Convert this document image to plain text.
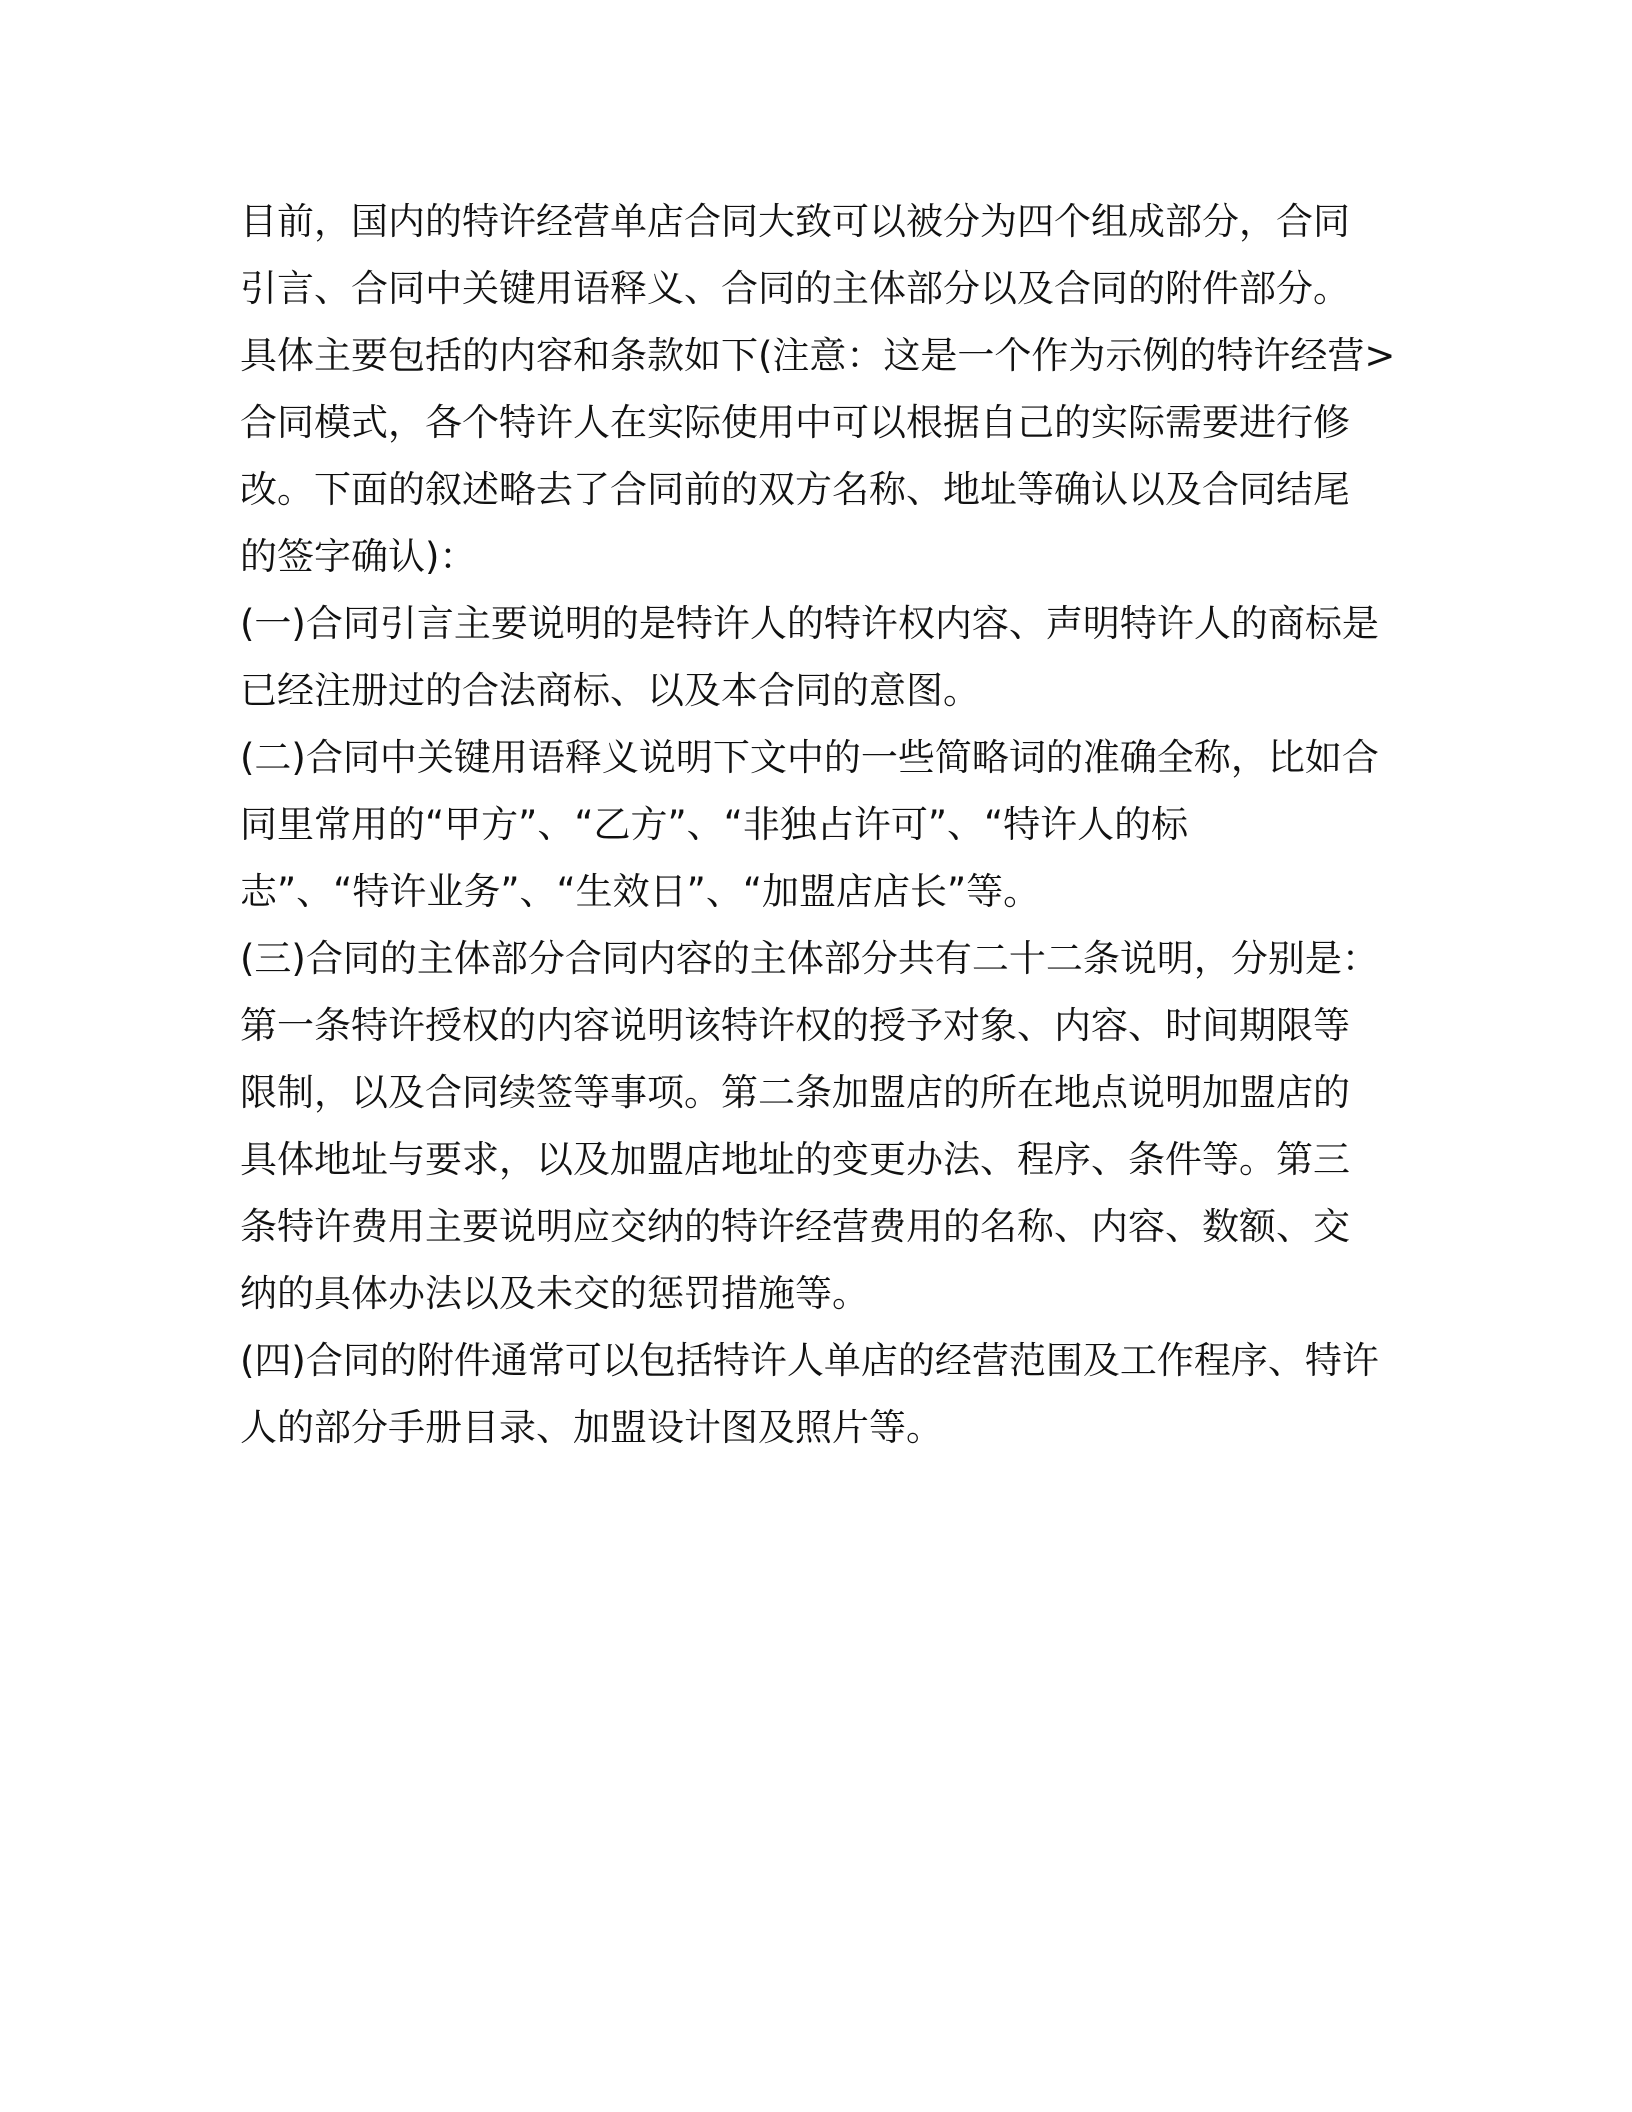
目前，国内的特许经营单店合同大致可以被分为四个组成部分，合同
引言、合同中关键用语释义、合同的主体部分以及合同的附件部分。
具体主要包括的内容和条款如下(注意：这是一个作为示例的特许经营>
合同模式，各个特许人在实际使用中可以根据自己的实际需要进行修
改。下面的叙述略去了合同前的双方名称、地址等确认以及合同结尾
的签字确认)：
(一)合同引言主要说明的是特许人的特许权内容、声明特许人的商标是
已经注册过的合法商标、以及本合同的意图。
(二)合同中关键用语释义说明下文中的一些简略词的准确全称，比如合
同里常用的“甲方”、“乙方”、“非独占许可”、“特许人的标
志”、“特许业务”、“生效日”、“加盟店店长”等。
(三)合同的主体部分合同内容的主体部分共有二十二条说明，分别是：
第一条特许授权的内容说明该特许权的授予对象、内容、时间期限等
限制，以及合同续签等事项。第二条加盟店的所在地点说明加盟店的
具体地址与要求，以及加盟店地址的变更办法、程序、条件等。第三
条特许费用主要说明应交纳的特许经营费用的名称、内容、数额、交
纳的具体办法以及未交的惩罚措施等。
(四)合同的附件通常可以包括特许人单店的经营范围及工作程序、特许
人的部分手册目录、加盟设计图及照片等。
